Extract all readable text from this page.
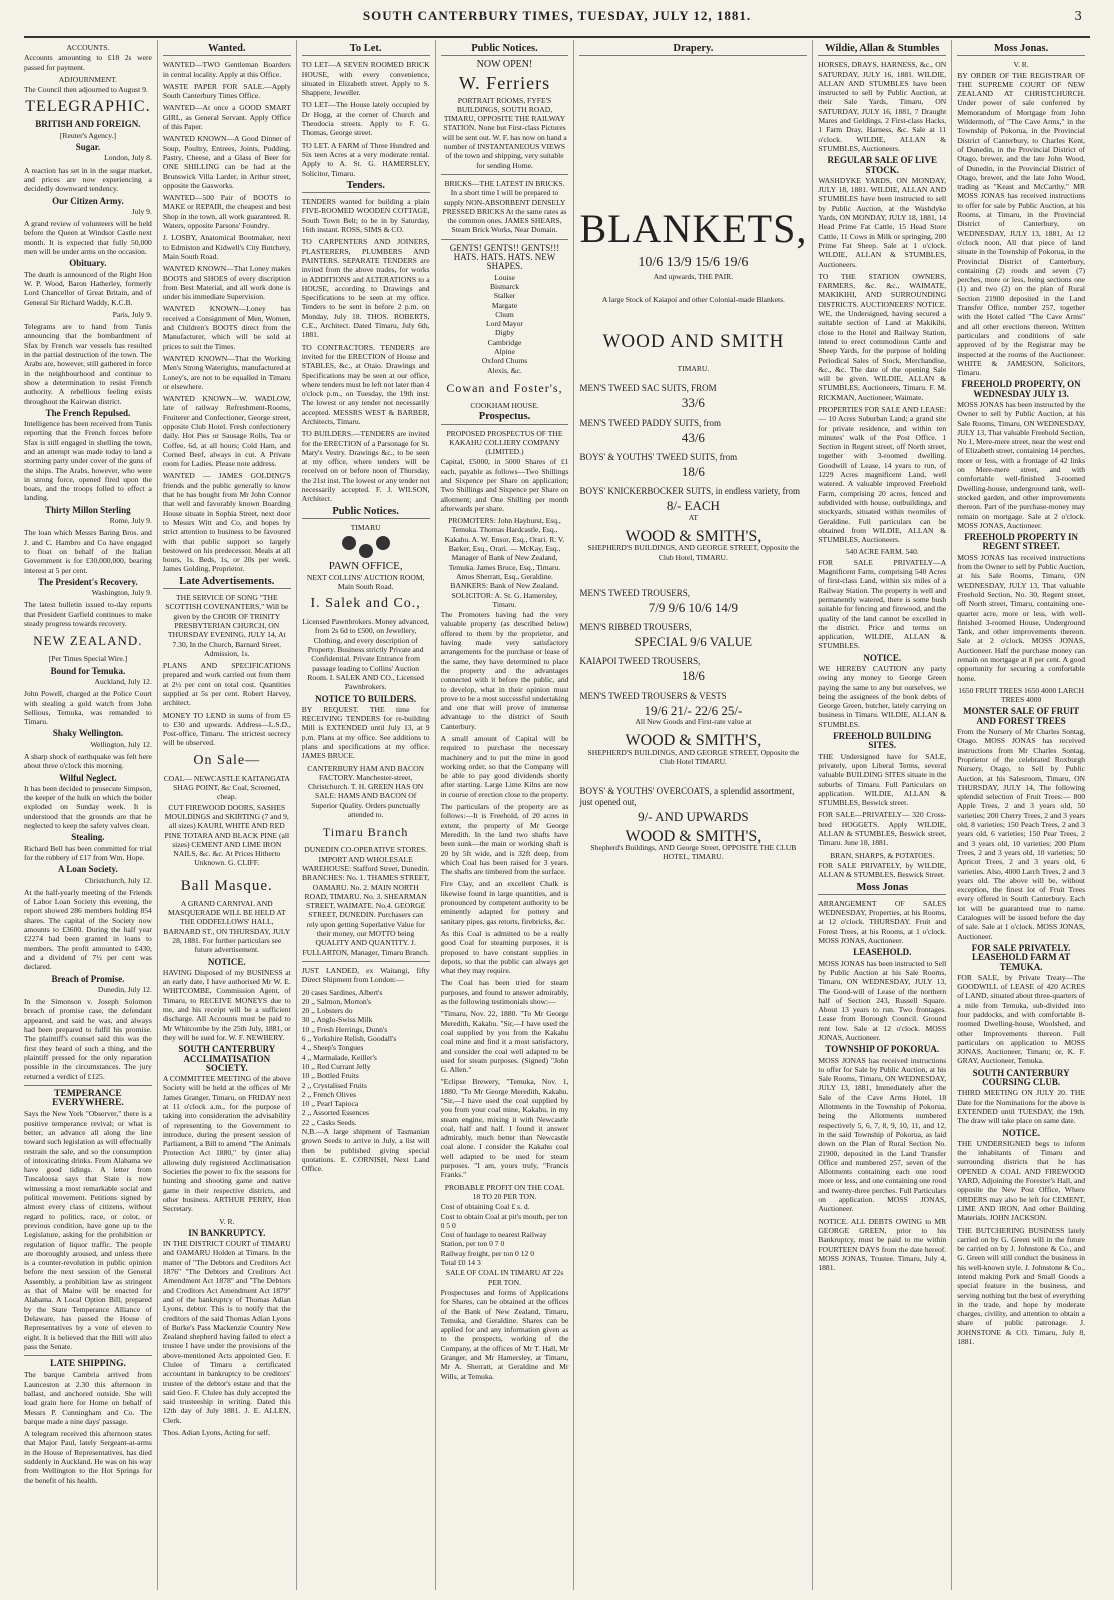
SOUTH CANTERBURY TIMES, TUESDAY, JULY 12, 1881.	3
ACCOUNTS.
Accounts amounting to £18 2s were passed for payment.
ADJOURNMENT.
The Council then adjourned to August 9.
TELEGRAPHIC.
BRITISH AND FOREIGN.
[Reuter's Agency.]
Sugar.
London, July 8.
A reaction has set in in the sugar market, and prices are now experiencing a decidedly downward tendency.
Our Citizen Army.
July 9.
A grand review of volunteers will be held before the Queen at Windsor Castle next month. It is expected that fully 50,000 men will be under arms on the occasion.
Obituary.
The death is announced of the Right Hon W. P. Wood, Baron Hatherley, formerly Lord Chancellor of Great Britain, and of General Sir Richard Waddy, K.C.B.
Paris, July 9.
Telegrams are to hand from Tunis announcing that the bombardment of Sfax by French war vessels has resulted in the partial destruction of the town. The Arabs are, however, still gathered in force in the neighbourhood and continue to show a determination to resist French authority. A rebellious feeling exists throughout the Kairwan district.
The French Repulsed.
Intelligence has been received from Tunis reporting that the French forces before Sfax is still engaged in shelling the town, and an attempt was made today to land a storming party under cover of the guns of the ships. The Arabs, however, who were in strong force, opened fired upon the boats, and the troops folled to effect a landing.
Thirty Millon Sterling
Rome, July 9.
The loan which Messrs Baring Bros. and J. and C. Hambro and Co have engaged to float on behalf of the Italian Government is for £30,000,000, bearing interest at 5 per cent.
The President's Recovery.
Washington, July 9.
The latest bulletin issued to-day reports that President Garfield continues to make steady progress towards recovery.
NEW ZEALAND.
[Per Times Special Wire.]
Bound for Temuka.
Auckland, July 12.
John Powell, charged at the Police Court with stealing a gold watch from John Sellious, Temuka, was remanded to Timaru.
Shaky Wellington.
Wellington, July 12.
A sharp shock of earthquake was felt here about three o'clock this morning.
Wilful Neglect.
It has been decided to prosecute Simpson, the keeper of the hulk on which the boiler exploded on Sunday week. It is understood that the grounds are that he neglected to keep the safety valves clean.
Stealing.
Richard Bell has been committed for trial for the robbery of £17 from Wm. Hope.
A Loan Society.
Christchurch, July 12.
At the half-yearly meeting of the Friends of Labor Loan Society this evening, the report showed 286 members holding 854 shares. The capital of the Society now amounts to £3600. During the half year £2274 had been granted in loans to members. The profit amounted to £430, and a dividend of 7½ per cent was declared.
Breach of Promise.
Dunedin, July 12.
In the Simonson v. Joseph Solomon breach of promise case, the defendant appeared, and said he was, and always had been prepared to fulfil his promise. The plaintiff's counsel said this was the first they heard of such a thing, and the plaintiff pressed for the only reparation possible in the circumstances. The jury returned a verdict of £125.
TEMPERANCE EVERYWHERE.
Says the New York "Observer," there is a positive temperance revival; or what is better, an advance all along the line toward such legislation as will effectually restrain the sale, and so the consumption of intoxicating drinks. From Alabama we have good tidings. A letter from Tuscaloosa says that State is now witnessing a most remarkable social and political movement. Petitions signed by almost every class of citizens, without regard to politics, race, or color, or previous condition, have gone up to the Legislature, asking for the prohibition or regulation of liquor traffic. The people are thoroughly aroused, and unless there is a counter-revolution in public opinion before the next session of the General Assembly, a prohibition law as stringent as that of Maine will be enacted for Alabama. A Local Option Bill, prepared by the State Temperance Alliance of Delaware, has passed the House of Representatives by a vote of eleven to eight. It is believed that the Bill will also pass the Senate.
LATE SHIPPING.
The barque Cambria arrived from Launceston at 2.30 this afternoon in ballast, and anchored outside. She will load grain here for Home on behalf of Messrs P. Cunningham and Co. The barque made a nine days' passage.
A telegram received this afternoon states that Major Paul, lately Sergeant-at-arms in the House of Representatives, has died suddenly in Auckland. He was on his way from Wellington to the Hot Springs for the benefit of his health.
Wanted.
WANTED—TWO Gentleman Boarders in central locality. Apply at this Office.
WASTE PAPER FOR SALE.—Apply South Canterbury Times Office.
WANTED—At once a GOOD SMART GIRL, as General Servant. Apply Office of this Paper.
WANTED KNOWN—A Good Dinner of Soup, Poultry, Entrees, Joints, Pudding, Pastry, Cheese, and a Glass of Beer for ONE SHILLING can be had at the Brunswick Villa Larder, in Arthur street, opposite the Gasworks.
WANTED—500 Pair of BOOTS to MAKE or REPAIR, the cheapest and best Shop in the town, all work guaranteed. R. Waters, opposite Parsons' Foundry.
J. LOSBY, Anatomical Bootmaker, next to Edmiston and Kidwell's City Butchery, Main South Road.
WANTED KNOWN—That Loney makes BOOTS and SHOES of every discription from Best Material, and all work done is under his immediate Supervision.
WANTED KNOWN—Loney has received a Consignment of Men, Women, and Children's BOOTS direct from the Manufacturer, which will be sold at prices to suit the Times.
WANTED KNOWN—That the Working Men's Strong Waterights, manufactured at Loney's, are not to be equalled in Timaru or elsewhere.
WANTED KNOWN—W. WADLOW, late of railway Refreshment-Rooms, Fruiterer and Confectioner, George street, opposite Club Hotel. Fresh confectionery daily. Hot Pies or Sausage Rolls, Tea or Coffee, 6d, at all hours; Cold Ham, and Corned Beef, always in cut. A Private room for Ladies. Please note address.
WANTED — JAMES GOLDING'S friends and the public generally to know that he has bought from Mr John Connor that well and favorably known Boarding House situate in Sophia Street, next door to Messrs Witt and Co, and hopes by strict attention to business to be favoured with that public support so largely bestowed on his predecessor. Meals at all hours, 1s. Beds, 1s, or 20s per week. James Golding, Proprietor.
Late Advertisements.
THE SERVICE OF SONG "THE SCOTTISH COVENANTERS," Will be given by the CHOIR OF TRINITY PRESBYTERIAN CHURCH, ON THURSDAY EVENING, JULY 14, At 7.30, In the Church, Barnard Street. Admission, 1s.
PLANS AND SPECIFICATIONS prepared and work carried out from them at 2½ per cent on total cost. Quantities supplied at 5s per cent. Robert Harvey, architect.
MONEY TO LEND in sums of from £5 to £30 and upwards. Address—L.S.D., Post-office, Timaru. The strictest secrecy will be observed.
On Sale—
COAL— NEWCASTLE KAITANGATA SHAG POINT, &c Coal, Screened, cheap.
CUT FIREWOOD DOORS, SASHES MOULDINGS and SKIRTING (7 and 9, all sizes) KAURI, WHITE AND RED PINE TOTARA AND BLACK PINE (all sizes) CEMENT AND LIME IRON NAILS, &c. &c. At Prices Hitherto Unknown. G. CLIFF.
Ball Masque.
A GRAND CARNIVAL AND MASQUERADE WILL BE HELD AT THE ODDFELLOWS' HALL, BARNARD ST., ON THURSDAY, JULY 28, 1881. For further particulars see future advertisement.
NOTICE.
HAVING Disposed of my BUSINESS at an early date, I have authorised Mr W. E. WHITCOMBE, Commission Agent, of Timaru, to RECEIVE MONEYS due to me, and his receipt will be a sufficient discharge. All Accounts must be paid to Mr Whitcombe by the 25th July, 1881, or they will be sued for. W. F. NEWBERY.
SOUTH CANTERBURY ACCLIMATISATION SOCIETY.
A COMMITTEE MEETING of the above Society will be held at the offices of Mr James Granger, Timaru, on FRIDAY next at 11 o'clock a.m., for the purpose of taking into consideration the advisability of representing to the Government to introduce, during the present session of Parliament, a Bill to amend "The Animals Protection Act 1880," by (inter alia) allowing duly registered Acclimatisation Societies the power to fix the seasons for hunting and shooting game and native game in their respective districts, and other business. ARTHUR PERRY, Hon Secretary.
V. R.
IN BANKRUPTCY.
IN THE DISTRICT COURT of TIMARU and OAMARU Holden at Timaru. In the matter of "The Debtors and Creditors Act 1876" "The Debtors and Creditors Act Amendment Act 1878" and "The Debtors and Creditors Act Amendment Act 1879" and of the bankruptcy of Thomas Adian Lyons, debtor. This is to notify that the creditors of the said Thomas Adian Lyons of Burke's Pass Mackenzie Country New Zealand shepherd having failed to elect a trustee I have under the provisions of the above-mentioned Acts appointed Geo. F. Clulee of Timaru a certificated accountant in bankruptcy to be creditors' trustee of the debtor's estate and that the said Geo. F. Clulee has duly accepted the said trusteeship in writing. Dated this 12th day of July 1881. J. E. ALLEN, Clerk.
Thos. Adian Lyons, Acting for self.
To Let.
TO LET—A SEVEN ROOMED BRICK HOUSE, with every convenience, situated in Elizabeth street. Apply to S. Shappere, Jeweller.
TO LET—The House lately occupied by Dr Hogg, at the corner of Church and Theodocia streets. Apply to F. G. Thomas, George street.
TO LET. A FARM of Three Hundred and Six teen Acres at a very moderate rental. Apply to A. St. G. HAMERSLEY, Solicitor, Timaru.
Tenders.
TENDERS wanted for building a plain FIVE-ROOMED WOODEN COTTAGE, South Town Belt; to be in by Saturday, 16th instant. ROSS, SIMS & CO.
TO CARPENTERS AND JOINERS, PLASTERERS, PLUMBERS AND PAINTERS. SEPARATE TENDERS are invited from the above trades, for works in ADDITIONS and ALTERATIONS to a HOUSE, according to Drawings and Specifications to be seen at my office. Tenders to be sent in before 2 p.m. on Monday, July 18. THOS. ROBERTS, C.E., Architect. Dated Timaru, July 6th, 1881.
TO CONTRACTORS. TENDERS are invited for the ERECTION of House and STABLES, &c., at Otaio. Drawings and Specifications may be seen at our office, where tenders must be left not later than 4 o'clock p.m., on Tuesday, the 19th inst. The lowest or any tender not necessarily accepted. MESSRS WEST & BARBER, Architects, Timaru.
TO BUILDERS.—TENDERS are invited for the ERECTION of a Parsonage for St. Mary's Vestry. Drawings &c., to be seen at my office, where tenders will be received on or before noon of Thursday, the 21st inst. The lowest or any tender not necessarily accepted. F. J. WILSON, Architect.
Public Notices.
TIMARU
PAWN OFFICE,
NEXT COLLINS' AUCTION ROOM, Main South Road.
I. Salek and Co.,
Licensed Pawnbrokers. Money advanced, from 2s 6d to £500, on Jewellery, Clothing, and every description of Property. Business strictly Private and Confidential. Private Entrance from passage leading to Collins' Auction Room. I. SALEK AND CO., Licensed Pawnbrokers.
NOTICE TO BUILDERS.
BY REQUEST. THE time for RECEIVING TENDERS for re-building Mill is EXTENDED until July 13, at 9 p.m. Plans at my office. See additions to plans and specifications at my office. JAMES BRUCE.
CANTERBURY HAM AND BACON FACTORY. Manchester-street, Christchurch. T. H. GREEN HAS ON SALE: HAMS AND BACON Of Superior Quality. Orders punctually attended to.
Timaru Branch
DUNEDIN CO-OPERATIVE STORES. IMPORT AND WHOLESALE WAREHOUSE: Stafford Street, Dunedin. BRANCHES: No. 1. THAMES STREET, OAMARU. No. 2. MAIN NORTH ROAD, TIMARU. No. 3. SHEARMAN STREET, WAIMATE. No.4. GEORGE STREET, DUNEDIN. Purchasers can rely upon getting Superlative Value for their money, our MOTTO being QUALITY AND QUANTITY. J. FULLARTON, Manager, Timaru Branch.
JUST LANDED, ex Waitangi, fifty Direct Shipment from London:—
20 cases Sardines, Albert's
20 ,, Salmon, Morton's
20 ,, Lobsters do
30 ,, Anglo-Swiss Milk
10 ,, Fresh Herrings, Dunn's
6 ,, Yorkshire Relish, Goodall's
4 ,, Sheep's Tongues
4 ,, Marmalade, Keiller's
10 ,, Red Currant Jelly
10 ,, Bottled Fruits
2 ,, Crystalised Fruits
2 ,, French Olives
10 ,, Pearl Tapioca
2 ,, Assorted Essences
22 ,, Casks Seeds.
N.B.—A large shipment of Tasmanian grown Seeds to arrive in July, a list will then be published giving special quotations. E. CORNISH, Next Land Office.
Public Notices.
NOW OPEN!
W. Ferriers
PORTRAIT ROOMS, FYFE'S BUILDINGS, SOUTH ROAD, TIMARU, OPPOSITE THE RAILWAY STATION. None but First-class Pictures will be sent out. W. F. has now on hand a number of INSTANTANEOUS VIEWS of the town and shipping, very suitable for sending Home.
BRICKS—THE LATEST IN BRICKS. In a short time I will be prepared to supply NON-ABSORBENT DENSELY PRESSED BRICKS At the same rates as the common ones. JAMES SHEARS, Steam Brick Works, Near Domain.
GENTS! GENTS!! GENTS!!! HATS. HATS. HATS. NEW SHAPES.
Louise
Bismarck
Stalker
Margate
Chum
Lord Mayor
Digby
Cambridge
Alpine
Oxford Chums
Alexis, &c.
Cowan and Foster's,
COOKHAM HOUSE.
Prospectus.
PROPOSED PROSPECTUS OF THE KAKAHU COLLIERY COMPANY (LIMITED.)
Capital, £5000, in 5000 Shares of £1 each, payable as follows—Two Shillings and Sixpence per Share on application; Two Shillings and Sixpence per Share on allotment; and One Shilling per month afterwards per share.
PROMOTERS: John Hayhurst, Esq., Temuka. Thomas Hardcastle, Esq., Kakahu. A. W. Ensor, Esq., Orari. R. V. Barker, Esq., Orari. — McKay, Esq., Manager of Bank of New Zealand, Temuka. James Bruce, Esq., Timaru. Amos Sherratt, Esq., Geraldine. BANKERS: Bank of New Zealand. SOLICITOR: A. St. G. Hamersley, Timaru.
The Promoters having had the very valuable property (as described below) offered to them by the proprietor, and having made very satisfactory arrangements for the purchase or lease of the same, they have determined to place the property and the advantages connected with it before the public, and to develop, what in their opinion must prove to be a most successful undertaking and one that will prove of immense advantage to the district of South Canterbury.
A small amount of Capital will be required to purchase the necessary machinery and to put the mine in good working order, so that the Company will be able to pay good dividends shortly after starting. Large Lime Kilns are now in course of erection close to the property.
The particulars of the property are as follows:—It is Freehold, of 20 acres in extent, the property of Mr George Meredith. In the land two shafts have been sunk—the main or working shaft is 20 by 5ft wide, and is 32ft deep, from which Coal has been raised for 3 years. The shafts are timbered from the surface.
Fire Clay, and an excellent Chalk is likewise found in large quantities, and is pronounced by competent authority to be eminently adapted for pottery and sanitary pipes, gas retorts, firebricks, &c.
As this Coal is admitted to be a really good Coal for steaming purposes, it is proposed to have constant supplies in depots, so that the public can always get what they may require.
The Coal has been tried for steam purposes, and found to answer admirably, as the following testimonials show:—
"Timaru, Nov. 22, 1880. "To Mr George Meredith, Kakahu. "Sir,—I have used the coal supplied by you from the Kakahu coal mine and find it a most satisfactory, and consider the coal well adapted to be used for steam purposes. (Signed) "John G. Allen."
"Eclipse Brewery, "Temuka, Nov. 1, 1880. "To Mr George Meredith, Kakahu. "Sir,—I have used the coal supplied by you from your coal mine, Kakahu, in my steam engine, mixing it with Newcastle coal, half and half. I found it answer admirably, much better than Newcastle coal alone. I consider the Kakahu coal well adapted to be used for steam purposes. "I am, yours truly, "Francis Franks."
PROBABLE PROFIT ON THE COAL 18 TO 20 PER TON.
Cost of obtaining Coal £ s. d.
Cost to obtain Coal at pit's mouth, per ton 0 5 0
Cost of haulage to nearest Railway Station, per ton 0 7 0
Railway freight, per ton 0 12 0
Total £0 14 3
SALE OF COAL IN TIMARU AT 22s PER TON.
Prospectuses and forms of Applications for Shares, can be obtained at the offices of the Bank of New Zealand, Timaru, Temuka, and Geraldine. Shares can be applied for and any information given as to the prospects, working of the Company, at the offices of Mr T. Hall, Mr Granger, and Mr Hamersley, at Timaru, Mr A. Sherratt, at Geraldine and Mr Wills, at Temuka.
Drapery.
BLANKETS,
10/6 13/9 15/6 19/6
And upwards, THE PAIR.
A large Stock of Kaiapoi and other Colonial-made Blankets.
WOOD AND SMITH
TIMARU.
MEN'S TWEED SAC SUITS, FROM
33/6
MEN'S TWEED PADDY SUITS, from
43/6
BOYS' & YOUTHS' TWEED SUITS, from
18/6
BOYS' KNICKERBOCKER SUITS, in endless variety, from
8/- EACH
AT
WOOD & SMITH'S,
SHEPHERD'S BUILDINGS, AND GEORGE STREET, Opposite the Club Hotel, TIMARU.
MEN'S TWEED TROUSERS,
7/9 9/6 10/6 14/9
MEN'S RIBBED TROUSERS,
SPECIAL 9/6 VALUE
KAIAPOI TWEED TROUSERS,
18/6
MEN'S TWEED TROUSERS & VESTS
19/6 21/- 22/6 25/-
All New Goods and First-rate value at
WOOD & SMITH'S,
SHEPHERD'S BUILDINGS, AND GEORGE STREET, Opposite the Club Hotel TIMARU.
BOYS' & YOUTHS' OVERCOATS, a splendid assortment, just opened out,
9/- AND UPWARDS
WOOD & SMITH'S,
Shepherd's Buildings, AND George Street, OPPOSITE THE CLUB HOTEL, TIMARU.
Wildie, Allan & Stumbles
HORSES, DRAYS, HARNESS, &c., ON SATURDAY, JULY 16, 1881. WILDIE, ALLAN AND STUMBLES have been instructed to sell by Public Auction, at their Sale Yards, Timaru, ON SATURDAY, JULY 16, 1881, 7 Draught Mares and Geldings, 2 First-class Hacks, 1 Farm Dray, Harness, &c. Sale at 11 o'clock. WILDIE, ALLAN & STUMBLES, Auctioneers.
REGULAR SALE OF LIVE STOCK.
WASHDYKE YARDS, ON MONDAY, JULY 18, 1881. WILDIE, ALLAN AND STUMBLES have been instructed to sell by Public Auction, at the Washdyke Yards, ON MONDAY, JULY 18, 1881, 14 Head Prime Fat Cattle, 15 Head Store Cattle, 11 Cows in Milk or springing, 200 Prime Fat Sheep. Sale at 1 o'clock. WILDIE, ALLAN & STUMBLES, Auctioneers.
TO THE STATION OWNERS, FARMERS, &c. &c., WAIMATE, MAKIKIHI, AND SURROUNDING DISTRICTS. AUCTIONEERS' NOTICE. WE, the Undersigned, having secured a suitable section of Land at Makikihi, close to the Hotel and Railway Station, intend to erect commodious Cattle and Sheep Yards, for the purpose of holding Periodical Sales of Stock, Merchandise, &c., &c. The date of the opening Sale will be given. WILDIE, ALLAN & STUMBLES, Auctioneers, Timaru. F. M. RICKMAN, Auctioneer, Waimate.
PROPERTIES FOR SALE AND LEASE:— 10 Acres Suburban Land; a grand site for private residence, and within ten minutes' walk of the Post Office. 1 Section in Regent street, off North street, together with 3-roomed dwelling. Goodwill of Lease, 14 years to run, of 1229 Acres magnificent Land, well watered. A valuable improved Freehold Farm, comprising 20 acres, fenced and subdivided with house, outbuildings, and stockyards, situated within twomiles of Geraldine. Full particulars can be obtained from WILDIE, ALLAN & STUMBLES, Auctioneers.
540 ACRE FARM. 540.
FOR SALE PRIVATELY—A Magnificent Farm, comprising 540 Acres of first-class Land, within six miles of a Railway Station. The property is well and permanently watered, there is some bush suitable for fencing and firewood, and the quality of the land cannot be excelled in the district. Price and terms on application, WILDIE, ALLAN & STUMBLES.
NOTICE.
WE HEREBY CAUTION any party owing any money to George Green paying the same to any but ourselves, we being the assignees of the book debts of George Green, butcher, lately carrying on business in Timaru. WILDIE, ALLAN & STUMBLES.
FREEHOLD BUILDING SITES.
THE Undersigned have for SALE, privately, upon Liberal Terms, several valuable BUILDING SITES situate in the suburbs of Timaru. Full Particulars on application. WILDIE, ALLAN & STUMBLES, Beswick street.
FOR SALE—PRIVATELY— 320 Cross-bred HOGGETS. Apply WILDIE, ALLAN & STUMBLES, Beswick street, Timaru. June 18, 1881.
BRAN, SHARPS, & POTATOES.
FOR SALE PRIVATELY, by WILDIE, ALLAN & STUMBLES, Beswick Street.
Moss Jonas
ARRANGEMENT OF SALES WEDNESDAY, Properties, at his Rooms, at 12 o'clock. THURSDAY. Fruit and Forest Trees, at his Rooms, at 1 o'clock. MOSS JONAS, Auctioneer.
LEASEHOLD.
MOSS JONAS has been instructed to Sell by Public Auction at his Sale Rooms, Timaru, ON WEDNESDAY, JULY 13, The Good-will of Lease of the northern half of Section 243, Russell Square. About 13 years to run. Two frontages. Lease from Borough Council. Ground rent low. Sale at 12 o'clock. MOSS JONAS, Auctioneer.
TOWNSHIP OF POKORUA.
MOSS JONAS has received instructions to offer for Sale by Public Auction, at his Sale Rooms, Timaru, ON WEDNESDAY, JULY 13, 1881, Immediately after the Sale of the Cave Arms Hotel, 18 Allotments in the Township of Pokorua, being the Allotments numbered respectively 5, 6, 7, 8, 9, 10, 11, and 12, in the said Township of Pokorua, as laid down on the Plan of Rural Section No. 21900, deposited in the Land Transfer Office and numbered 257, seven of the Allotments containing each one rood more or less, and one containing one rood and twenty-three perches. Full Particulars on application. MOSS JONAS, Auctioneer.
NOTICE. ALL DEBTS OWING to MR GEORGE GREEN, prior to his Bankruptcy, must be paid to me within FOURTEEN DAYS from the date hereof. MOSS JONAS, Trustee. Timaru, July 4, 1881.
Moss Jonas.
V. R.
BY ORDER OF THE REGISTRAR OF THE SUPREME COURT OF NEW ZEALAND AT CHRISTCHURCH. Under power of sale conferred by Memorandum of Mortgage from John Wildermoth, of "The Cave Arms," in the Township of Pokorua, in the Provincial District of Canterbury, to Charles Kent, of Dunedin, in the Provincial District of Otago, brewer, and the late John Wood, of Dunedin, in the Provincial District of Otago, brewer, and the late John Wood, trading as "Keast and McCarthy." MR MOSS JONAS has received instructions to offer for sale by Public Auction, at his Rooms, at Timaru, in the Provincial District of Canterbury, on WEDNESDAY, JULY 13, 1881, At 12 o'clock noon, All that piece of land situate in the Township of Pokorua, in the Provincial District of Canterbury, containing (2) roods and seven (7) perches, more or less, being sections one (1) and two (2) on the plan of Rural Section 21900 deposited in the Land Transfer Office, number 257, together with the Hotel called "The Cave Arms" and all other erections thereon. Written particulars and conditions of sale approved of by the Registrar may be inspected at the rooms of the Auctioneer. WHITE & JAMESON, Solicitors, Timaru.
FREEHOLD PROPERTY, ON WEDNESDAY JULY 13.
MOSS JONAS has been instructed by the Owner to sell by Public Auction, at his Sale Rooms, Timaru, ON WEDNESDAY, JULY 13, That valuable Freehold Section, No 1, Mere-mere street, near the west end of Elizabeth street, containing 14 perches, more or less, with a frontage of 42 links on Mere-mere street, and with comfortable well-finished 3-roomed Dwelling-house, underground tank, well-stocked garden, and other improvements thereon. Part of the purchase-money may remain on mortgage. Sale at 2 o'clock. MOSS JONAS, Auctioneer.
FREEHOLD PROPERTY IN REGENT STREET.
MOSS JONAS has received instructions from the Owner to sell by Public Auction, at his Sale Rooms, Timaru, ON WEDNESDAY, JULY 13, That valuable Freehold Section, No. 30, Regent street, off North street, Timaru, containing one-quarter acre, more or less, with well-finished 3-roomed House, Underground Tank, and other improvements thereon. Sale at 2 o'clock. MOSS JONAS, Auctioneer. Half the purchase money can remain on mortgage at 8 per cent. A good opportunity for securing a comfortable home.
1650 FRUIT TREES 1650 4000 LARCH TREES 4000
MONSTER SALE OF FRUIT AND FOREST TREES
From the Nursery of Mr Charles Sontag, Otago. MOSS JONAS has received instructions from Mr Charles Sontag, Proprietor of the celebrated Roxburgh Nursery, Otago, to Sell by Public Auction, at his Salesroom, Timaru, ON THURSDAY, JULY 14, The following splendid selection of Fruit Trees:— 800 Apple Trees, 2 and 3 years old, 50 varieties; 200 Cherry Trees, 2 and 3 years old, 8 varieties; 150 Peach Trees, 2 and 3 years old, 6 varieties; 150 Pear Trees, 2 and 3 years old, 10 varieties; 200 Plum Trees, 2 and 3 years old, 10 varieties; 50 Apricot Trees, 2 and 3 years old, 6 varieties. Also, 4000 Larch Trees, 2 and 3 years old. The above will be, without exception, the finest lot of Fruit Trees every offered in South Canterbury. Each lot will be guaranteed true to name. Catalogues will be issued before the day of sale. Sale at 1 o'clock. MOSS JONAS, Auctioneer.
FOR SALE PRIVATELY. LEASEHOLD FARM AT TEMUKA.
FOR SALE, by Private Treaty—The GOODWILL of LEASE of 420 ACRES of LAND, situated about three-quarters of a mile from Temuka, sub-divided into four paddocks, and with comfortable 8-roomed Dwelling-house, Woolshed, and other Improvements thereon. Full particulars on application to MOSS JONAS, Auctioneer, Timaru; or, K. F. GRAY, Auctioneer, Temuka.
SOUTH CANTERBURY COURSING CLUB.
THIRD MEETING ON JULY 20. THE Date for the Nominations for the above is EXTENDED until TUESDAY, the 19th. The draw will take place on same date.
NOTICE.
THE UNDERSIGNED begs to inform the inhabitants of Timaru and surrounding districts that he has OPENED A COAL AND FIREWOOD YARD, Adjoining the Forester's Hall, and opposite the New Post Office, Where ORDERS may also be left for CEMENT, LIME AND IRON, And other Building Materials. JOHN JACKSON.
THE BUTCHERING BUSINESS lately carried on by G. Green will in the future be carried on by J. Johnstone & Co., and G. Green will still conduct the business in his well-known style. J. Johnstone & Co., intend making Pork and Small Goods a special feature in the business, and serving nothing but the best of everything in the trade, and hope by moderate charges, civility, and attention to obtain a share of public patronage. J. JOHNSTONE & CO. Timaru, July 8, 1881.
